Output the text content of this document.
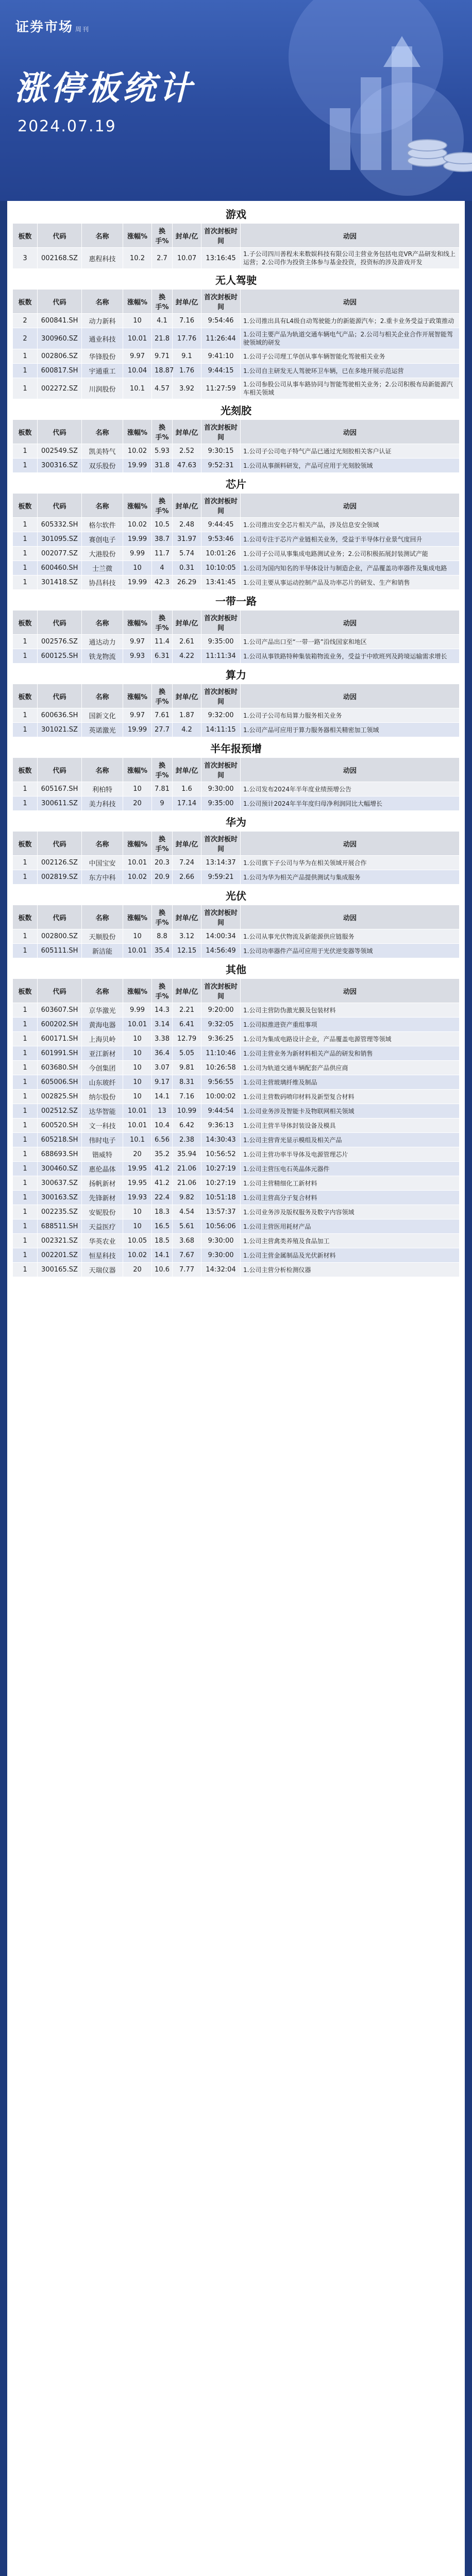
证券市场 周刊
涨停板统计
2024.07.19
游戏
板数	代码	名称	涨幅%	换手%	封单/亿	首次封板时间	动因
3	002168.SZ	惠程科技	10.2	2.7	10.07	13:16:45	1.子公司四川善程未来数娱科技有限公司主营业务包括电竞VR产品研发和线上运营；2.公司作为投资主体参与基金投资，投资标的涉及游戏开发
无人驾驶
板数	代码	名称	涨幅%	换手%	封单/亿	首次封板时间	动因
2	600841.SH	动力新科	10	4.1	7.16	9:54:46	1.公司推出具有L4级自动驾驶能力的新能源汽车；2.重卡业务受益于政策推动
2	300960.SZ	通业科技	10.01	21.8	17.76	11:26:44	1.公司主要产品为轨道交通车辆电气产品；2.公司与相关企业合作开展智能驾驶领域的研发
1	002806.SZ	华锋股份	9.97	9.71	9.1	9:41:10	1.公司子公司理工华创从事车辆智能化驾驶相关业务
1	600817.SH	宇通重工	10.04	18.87	1.76	9:44:15	1.公司自主研发无人驾驶环卫车辆，已在多地开展示范运营
1	002272.SZ	川润股份	10.1	4.57	3.92	11:27:59	1.公司参股公司从事车路协同与智能驾驶相关业务；2.公司积极布局新能源汽车相关领域
光刻胶
板数	代码	名称	涨幅%	换手%	封单/亿	首次封板时间	动因
1	002549.SZ	凯美特气	10.02	5.93	2.52	9:30:15	1.公司子公司电子特气产品已通过光刻胶相关客户认证
1	300316.SZ	双乐股份	19.99	31.8	47.63	9:52:31	1.公司从事颜料研发，产品可应用于光刻胶领域
芯片
板数	代码	名称	涨幅%	换手%	封单/亿	首次封板时间	动因
1	605332.SH	格尔软件	10.02	10.5	2.48	9:44:45	1.公司推出安全芯片相关产品，涉及信息安全领域
1	301095.SZ	赛创电子	19.99	38.7	31.97	9:53:46	1.公司专注于芯片产业链相关业务，受益于半导体行业景气度回升
1	002077.SZ	大港股份	9.99	11.7	5.74	10:01:26	1.公司子公司从事集成电路测试业务；2.公司积极拓展封装测试产能
1	600460.SH	士兰微	10	4	0.31	10:10:05	1.公司为国内知名的半导体设计与制造企业，产品覆盖功率器件及集成电路
1	301418.SZ	协昌科技	19.99	42.3	26.29	13:41:45	1.公司主要从事运动控制产品及功率芯片的研发、生产和销售
一带一路
板数	代码	名称	涨幅%	换手%	封单/亿	首次封板时间	动因
1	002576.SZ	通达动力	9.97	11.4	2.61	9:35:00	1.公司产品出口至“一带一路”沿线国家和地区
1	600125.SH	铁龙物流	9.93	6.31	4.22	11:11:34	1.公司从事铁路特种集装箱物流业务，受益于中欧班列及跨境运输需求增长
算力
板数	代码	名称	涨幅%	换手%	封单/亿	首次封板时间	动因
1	600636.SH	国新文化	9.97	7.61	1.87	9:32:00	1.公司子公司布局算力服务相关业务
1	301021.SZ	英诺激光	19.99	27.7	4.2	14:11:15	1.公司产品可应用于算力服务器相关精密加工领域
半年报预增
板数	代码	名称	涨幅%	换手%	封单/亿	首次封板时间	动因
1	605167.SH	利柏特	10	7.81	1.6	9:30:00	1.公司发布2024年半年度业绩预增公告
1	300611.SZ	美力科技	20	9	17.14	9:35:00	1.公司预计2024年半年度归母净利润同比大幅增长
华为
板数	代码	名称	涨幅%	换手%	封单/亿	首次封板时间	动因
1	002126.SZ	中国宝安	10.01	20.3	7.24	13:14:37	1.公司旗下子公司与华为在相关领域开展合作
1	002819.SZ	东方中科	10.02	20.9	2.66	9:59:21	1.公司为华为相关产品提供测试与集成服务
光伏
板数	代码	名称	涨幅%	换手%	封单/亿	首次封板时间	动因
1	002800.SZ	天顺股份	10	8.8	3.12	14:00:34	1.公司从事光伏物流及新能源供应链服务
1	605111.SH	新洁能	10.01	35.4	12.15	14:56:49	1.公司功率器件产品可应用于光伏逆变器等领域
其他
板数	代码	名称	涨幅%	换手%	封单/亿	首次封板时间	动因
1	603607.SH	京华激光	9.99	14.3	2.21	9:20:00	1.公司主营防伪激光膜及包装材料
1	600202.SH	黄海电器	10.01	3.14	6.41	9:32:05	1.公司拟推进资产重组事项
1	600171.SH	上海贝岭	10	3.38	12.79	9:36:25	1.公司为集成电路设计企业，产品覆盖电源管理等领域
1	601991.SH	亚江新材	10	36.4	5.05	11:10:46	1.公司主营业务为新材料相关产品的研发和销售
1	603680.SH	今创集团	10	3.07	9.81	10:26:58	1.公司为轨道交通车辆配套产品供应商
1	605006.SH	山东玻纤	10	9.17	8.31	9:56:55	1.公司主营玻璃纤维及制品
1	002825.SH	纳尔股份	10	14.1	7.16	10:00:02	1.公司主营数码喷印材料及新型复合材料
1	002512.SZ	达华智能	10.01	13	10.99	9:44:54	1.公司业务涉及智能卡及物联网相关领域
1	600520.SH	文一科技	10.01	10.4	6.42	9:36:13	1.公司主营半导体封装设备及模具
1	605218.SH	伟时电子	10.1	6.56	2.38	14:30:43	1.公司主营背光显示模组及相关产品
1	688693.SH	锴威特	20	35.2	35.94	10:56:52	1.公司主营功率半导体及电源管理芯片
1	300460.SZ	惠伦晶体	19.95	41.2	21.06	10:27:19	1.公司主营压电石英晶体元器件
1	300637.SZ	扬帆新材	19.95	41.2	21.06	10:27:19	1.公司主营精细化工新材料
1	300163.SZ	先锋新材	19.93	22.4	9.82	10:51:18	1.公司主营高分子复合材料
1	002235.SZ	安妮股份	10	18.3	4.54	13:57:37	1.公司业务涉及版权服务及数字内容领域
1	688511.SH	天益医疗	10	16.5	5.61	10:56:06	1.公司主营医用耗材产品
1	002321.SZ	华英农业	10.05	18.5	3.68	9:30:00	1.公司主营禽类养殖及食品加工
1	002201.SZ	恒星科技	10.02	14.1	7.67	9:30:00	1.公司主营金属制品及光伏新材料
1	300165.SZ	天瑞仪器	20	10.6	7.77	14:32:04	1.公司主营分析检测仪器
